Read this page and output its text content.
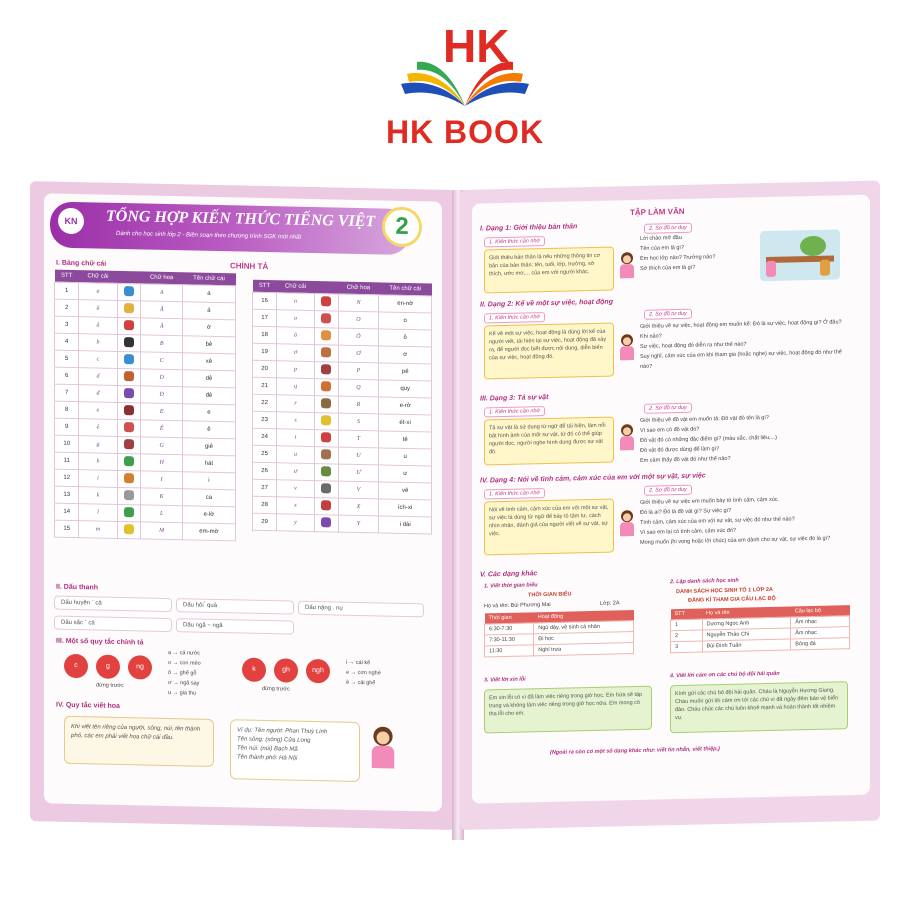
HK
HK BOOK
KN	TỔNG HỢP KIẾN THỨC TIẾNG VIỆT
Dành cho học sinh lớp 2 - Biên soạn theo chương trình SGK mới nhất	2
I. Bảng chữ cái	CHÍNH TẢ
STT	Chữ cái		Chữ hoa	Tên chữ cái
1	a		A	a
2	ă		Ă	á
3	â		Â	ớ
4	b		B	bê
5	c		C	xê
6	d		D	dê
7	đ		Đ	đê
8	e		E	e
9	ê		Ê	ê
10	g		G	giê
11	h		H	hát
12	i		I	i
13	k		K	ca
14	l		L	e-lờ
15	m		M	em-mờ
STT	Chữ cái		Chữ hoa	Tên chữ cái
16	n		N	en-nờ
17	o		O	o
18	ô		Ô	ô
19	ơ		Ơ	ơ
20	p		P	pê
21	q		Q	quy
22	r		R	e-rờ
23	s		S	ét-xì
24	t		T	tê
25	u		U	u
26	ư		Ư	ư
27	v		V	vê
28	x		X	ích-xì
29	y		Y	i dài
II. Dấu thanh
Dấu huyền ` cà	Dấu hỏi ̉ quả	Dấu nặng . nụ
Dấu sắc ´ cá	Dấu ngã ~ ngã
III. Một số quy tắc chính tả
c	g	ng
đứng trước
a → cá nước
o → con mèo
ô → ghế gỗ
ơ → ngả say
u → gia thu
k	gh	ngh
đứng trước
i → cái kẽ
e → cơn nghé
ê → cái ghế
IV. Quy tắc viết hoa
Khi viết tên riêng của người, sông, núi, tên thành phố, các em phải viết hoa chữ cái đầu.
Ví dụ: Tên người: Phan Thuỳ Linh
Tên sông: (sông) Cửa Long
Tên núi: (núi) Bạch Mã
Tên thành phố: Hà Nội
TẬP LÀM VĂN
I. Dạng 1: Giới thiệu bản thân
1. Kiến thức cần nhớ
2. Sơ đồ tư duy
Giới thiệu bản thân là nêu những thông tin cơ bản của bản thân: tên, tuổi, lớp, trường, sở thích, ước mơ,... của em với người khác.
Lời chào mở đầu
Tên của em là gì?
Em học lớp nào? Trường nào?
Sở thích của em là gì?
II. Dạng 2: Kể về một sự việc, hoạt động
1. Kiến thức cần nhớ	2. Sơ đồ tư duy
Kể về một sự việc, hoạt động là dùng lời kể của người viết, tái hiện lại sự việc, hoạt động đã xảy ra, để người đọc biết được nội dung, diễn biến của sự việc, hoạt động đó.
Giới thiệu về sự việc, hoạt động em muốn kể: Đó là sự việc, hoạt động gì? Ở đâu? Khi nào?
Sự việc, hoạt động đó diễn ra như thế nào?
Suy nghĩ, cảm xúc của em khi tham gia (hoặc nghe) sự việc, hoạt động đó như thế nào?
III. Dạng 3: Tả sự vật
1. Kiến thức cần nhớ	2. Sơ đồ tư duy
Tả sự vật là sử dụng từ ngữ để tái hiện, làm nổi bật hình ảnh của một sự vật, từ đó có thể giúp người đọc, người nghe hình dung được sự vật đó.
Giới thiệu về đồ vật em muốn tả: Đồ vật đó tên là gì?
Vì sao em có đồ vật đó?
Đồ vật đó có những đặc điểm gì? (màu sắc, chất liệu,...)
Đồ vật đó được dùng để làm gì?
Em cảm thấy đồ vật đó như thế nào?
IV. Dạng 4: Nói về tình cảm, cảm xúc của em với một sự vật, sự việc
1. Kiến thức cần nhớ	2. Sơ đồ tư duy
Nói về tình cảm, cảm xúc của em với một sự vật, sự việc là dùng từ ngữ để bày tỏ tâm tư, cách nhìn nhận, đánh giá của người viết về sự vật, sự việc.
Giới thiệu về sự việc em muốn bày tỏ tình cảm, cảm xúc.
Đó là ai? Đó là đồ vật gì? Sự việc gì?
Tình cảm, cảm xúc của em với sự vật, sự việc đó như thế nào?
Vì sao em lại có tình cảm, cảm xúc đó?
Mong muốn (hi vọng hoặc lời chúc) của em dành cho sự vật, sự việc đó là gì?
V. Các dạng khác
1. Viết thời gian biểu
THỜI GIAN BIỂU
Họ và tên: Bùi Phương Mai	Lớp: 2A
Thời gian	Hoạt động
6:30-7:30	Ngủ dậy, vệ sinh cá nhân
7:30-11:30	Đi học
11:30	Nghỉ trưa
2. Lập danh sách học sinh
DANH SÁCH HỌC SINH TỔ 1 LỚP 2A
ĐĂNG KÍ THAM GIA CÂU LẠC BỘ
STT	Họ và tên	Câu lạc bộ
1	Dương Ngọc Anh	Âm nhạc
2	Nguyễn Thảo Chi	Âm nhạc
3	Bùi Đình Tuấn	Bóng đá
3. Viết lời xin lỗi
Em xin lỗi cô vì đã làm việc riêng trong giờ học. Em hứa sẽ tập trung và không làm việc riêng trong giờ học nữa. Em mong cô tha lỗi cho em.
4. Viết lời cảm ơn các chú bộ đội hải quân
Kính gửi các chú bộ đội hải quân. Cháu là Nguyễn Hương Giang. Cháu muốn gửi lời cảm ơn tới các chú vì đã ngày đêm bảo vệ biển đảo. Cháu chúc các chú luôn khoẻ mạnh và hoàn thành tốt nhiệm vụ.
(Ngoài ra còn có một số dạng khác như: viết tin nhắn, viết thiệp,)
